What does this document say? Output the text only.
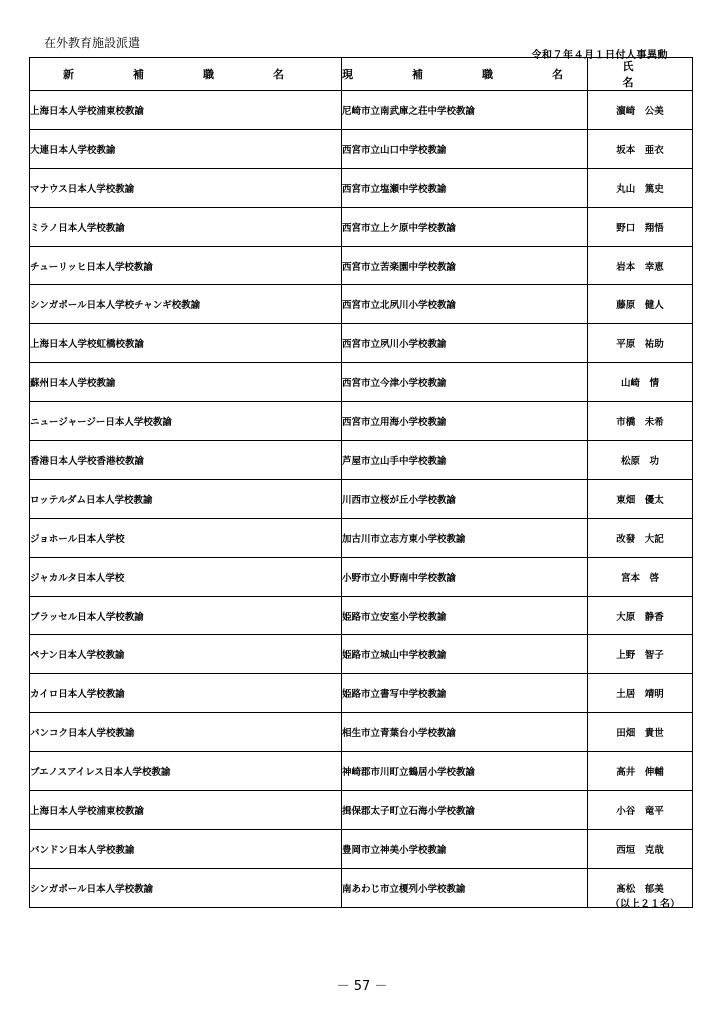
在外教育施設派遣
令和７年４月１日付人事異動
新　補　職　名	現　補　職　名	氏　名
上海日本人学校浦東校教諭	尼崎市立南武庫之荘中学校教諭	濵崎　公美
大連日本人学校教諭	西宮市立山口中学校教諭	坂本　亜衣
マナウス日本人学校教諭	西宮市立塩瀬中学校教諭	丸山　篤史
ミラノ日本人学校教諭	西宮市立上ケ原中学校教諭	野口　翔悟
チューリッヒ日本人学校教諭	西宮市立苦楽園中学校教諭	岩本　幸恵
シンガポール日本人学校チャンギ校教諭	西宮市立北夙川小学校教諭	藤原　健人
上海日本人学校虹橋校教諭	西宮市立夙川小学校教諭	平原　祐助
蘇州日本人学校教諭	西宮市立今津小学校教諭	山崎　情
ニュージャージー日本人学校教諭	西宮市立用海小学校教諭	市橋　未希
香港日本人学校香港校教諭	芦屋市立山手中学校教諭	松原　功
ロッテルダム日本人学校教諭	川西市立桜が丘小学校教諭	東畑　優太
ジョホール日本人学校	加古川市立志方東小学校教諭	改發　大記
ジャカルタ日本人学校	小野市立小野南中学校教諭	宮本　啓
ブラッセル日本人学校教諭	姫路市立安室小学校教諭	大原　静香
ペナン日本人学校教諭	姫路市立城山中学校教諭	上野　智子
カイロ日本人学校教諭	姫路市立書写中学校教諭	土居　靖明
バンコク日本人学校教諭	相生市立青葉台小学校教諭	田畑　貴世
ブエノスアイレス日本人学校教諭	神崎郡市川町立鶴居小学校教諭	高井　伸輔
上海日本人学校浦東校教諭	揖保郡太子町立石海小学校教諭	小谷　竜平
バンドン日本人学校教諭	豊岡市立神美小学校教諭	西垣　克哉
シンガポール日本人学校教諭	南あわじ市立榎列小学校教諭	髙松　郁美
（以上２１名）
－ 57 －
